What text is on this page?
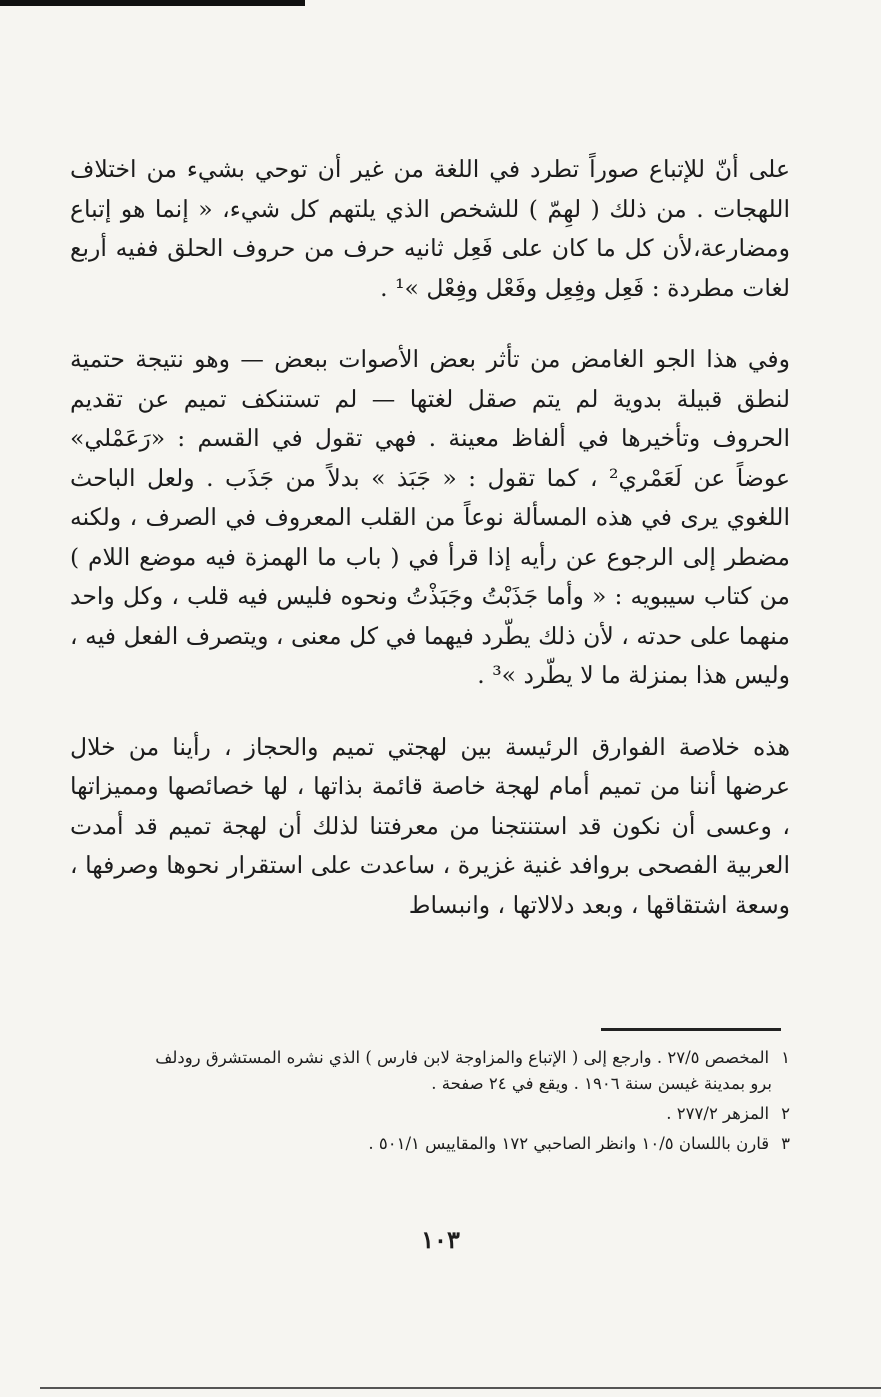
على أنّ للإتباع صوراً تطرد في اللغة من غير أن توحي بشيء من اختلاف اللهجات . من ذلك ( لهِمّ ) للشخص الذي يلتهم كل شيء، « إنما هو إتباع ومضارعة،لأن كل ما كان على فَعِل ثانيه حرف من حروف الحلق ففيه أربع لغات مطردة : فَعِل وفِعِل وفَعْل وفِعْل »¹ .

وفي هذا الجو الغامض من تأثر بعض الأصوات ببعض — وهو نتيجة حتمية لنطق قبيلة بدوية لم يتم صقل لغتها — لم تستنكف تميم عن تقديم الحروف وتأخيرها في ألفاظ معينة . فهي تقول في القسم : «رَعَمْلي» عوضاً عن لَعَمْري² ، كما تقول : « جَبَذ » بدلاً من جَذَب . ولعل الباحث اللغوي يرى في هذه المسألة نوعاً من القلب المعروف في الصرف ، ولكنه مضطر إلى الرجوع عن رأيه إذا قرأ في ( باب ما الهمزة فيه موضع اللام ) من كتاب سيبويه : « وأما جَذَبْتُ وجَبَذْتُ ونحوه فليس فيه قلب ، وكل واحد منهما على حدته ، لأن ذلك يطّرد فيهما في كل معنى ، ويتصرف الفعل فيه ، وليس هذا بمنزلة ما لا يطّرد »³ .

هذه خلاصة الفوارق الرئيسة بين لهجتي تميم والحجاز ، رأينا من خلال عرضها أننا من تميم أمام لهجة خاصة قائمة بذاتها ، لها خصائصها ومميزاتها ، وعسى أن نكون قد استنتجنا من معرفتنا لذلك أن لهجة تميم قد أمدت العربية الفصحى بروافد غنية غزيرة ، ساعدت على استقرار نحوها وصرفها ، وسعة اشتقاقها ، وبعد دلالاتها ، وانبساط

١المخصص ٢٧/٥ . وارجع إلى ( الإتباع والمزاوجة لابن فارس ) الذي نشره المستشرق رودلف

برو بمدينة غيسن سنة ١٩٠٦ . ويقع في ٢٤ صفحة .

٢المزهر ٢٧٧/٢ .

٣قارن باللسان ١٠/٥ وانظر الصاحبي ١٧٢ والمقاييس ٥٠١/١ .

١٠٣
